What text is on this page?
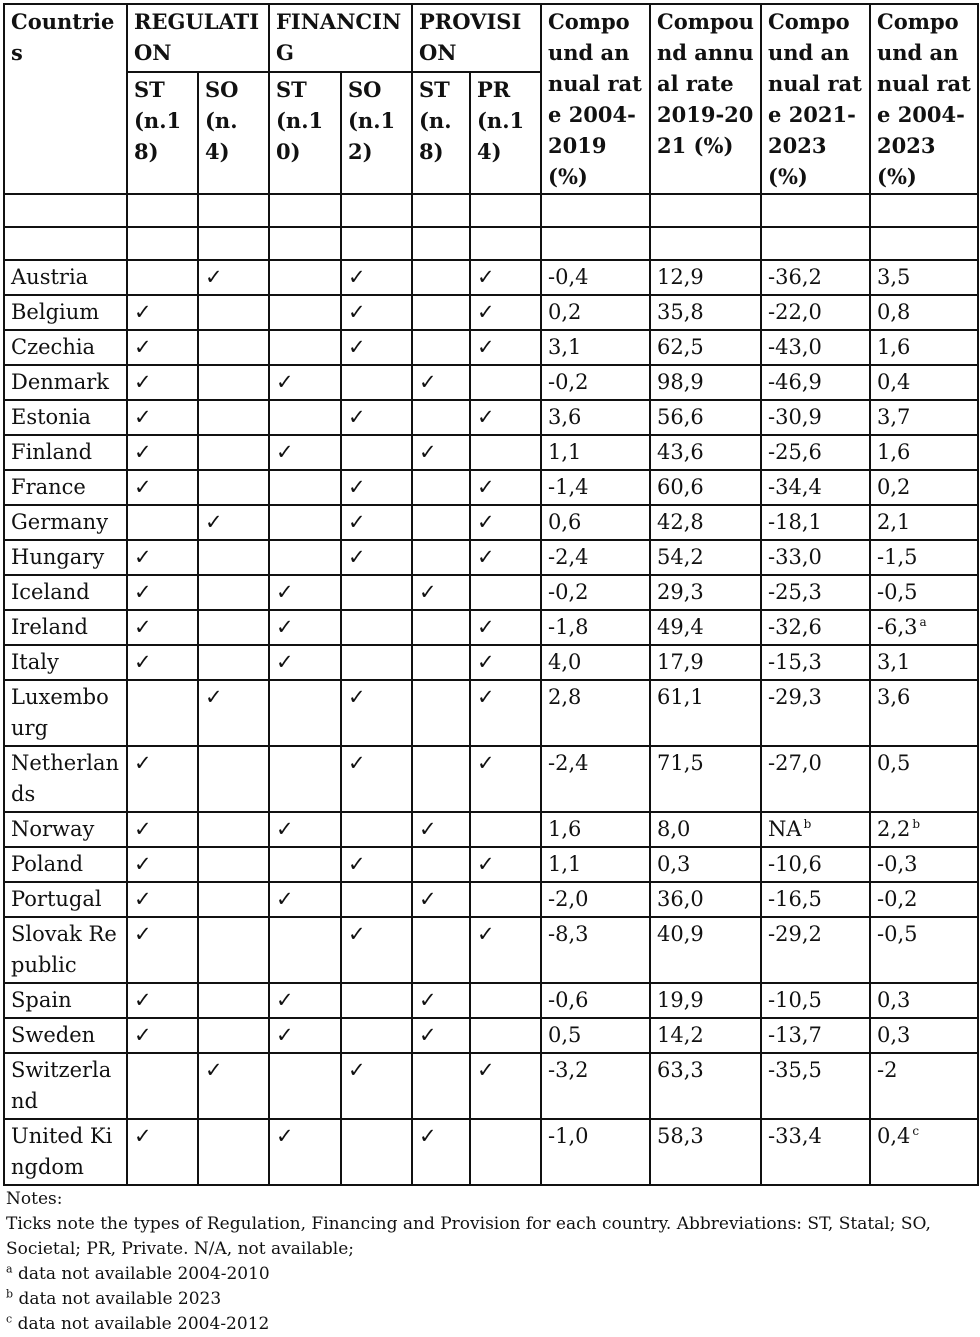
Countries	REGULATION		FINANCING		PROVISION		Compound annual rate 2004-2019 (%)	Compound annual rate 2019-2021 (%)	Compound annual rate 2021-2023 (%)	Compound annual rate 2004-2023 (%)
	ST (n.18)	SO (n.4)	ST (n.10)	SO (n.12)	ST (n.8)	PR (n.14)				

Austria		✓		✓		✓	-0,4	12,9	-36,2	3,5
Belgium	✓			✓		✓	0,2	35,8	-22,0	0,8
Czechia	✓			✓		✓	3,1	62,5	-43,0	1,6
Denmark	✓		✓		✓		-0,2	98,9	-46,9	0,4
Estonia	✓			✓		✓	3,6	56,6	-30,9	3,7
Finland	✓		✓		✓		1,1	43,6	-25,6	1,6
France	✓			✓		✓	-1,4	60,6	-34,4	0,2
Germany		✓		✓		✓	0,6	42,8	-18,1	2,1
Hungary	✓			✓		✓	-2,4	54,2	-33,0	-1,5
Iceland	✓		✓		✓		-0,2	29,3	-25,3	-0,5
Ireland	✓		✓			✓	-1,8	49,4	-32,6	-6,3 $^a$
Italy	✓		✓			✓	4,0	17,9	-15,3	3,1
Luxembourg		✓		✓		✓	2,8	61,1	-29,3	3,6
Netherlands	✓			✓		✓	-2,4	71,5	-27,0	0,5
Norway	✓		✓		✓		1,6	8,0	NA $^b$	2,2 $^b$
Poland	✓			✓		✓	1,1	0,3	-10,6	-0,3
Portugal	✓		✓		✓		-2,0	36,0	-16,5	-0,2
Slovak Republic	✓			✓		✓	-8,3	40,9	-29,2	-0,5
Spain	✓		✓		✓		-0,6	19,9	-10,5	0,3
Sweden	✓		✓		✓		0,5	14,2	-13,7	0,3
Switzerland		✓		✓		✓	-3,2	63,3	-35,5	-2
United Kingdom	✓		✓		✓		-1,0	58,3	-33,4	0,4 $^c$
Notes:
Ticks note the types of Regulation, Financing and Provision for each country. Abbreviations: ST, Statal; SO, Societal; PR, Private. N/A, not available;
$^a$ data not available 2004-2010
$^b$ data not available 2023
$^c$ data not available 2004-2012
